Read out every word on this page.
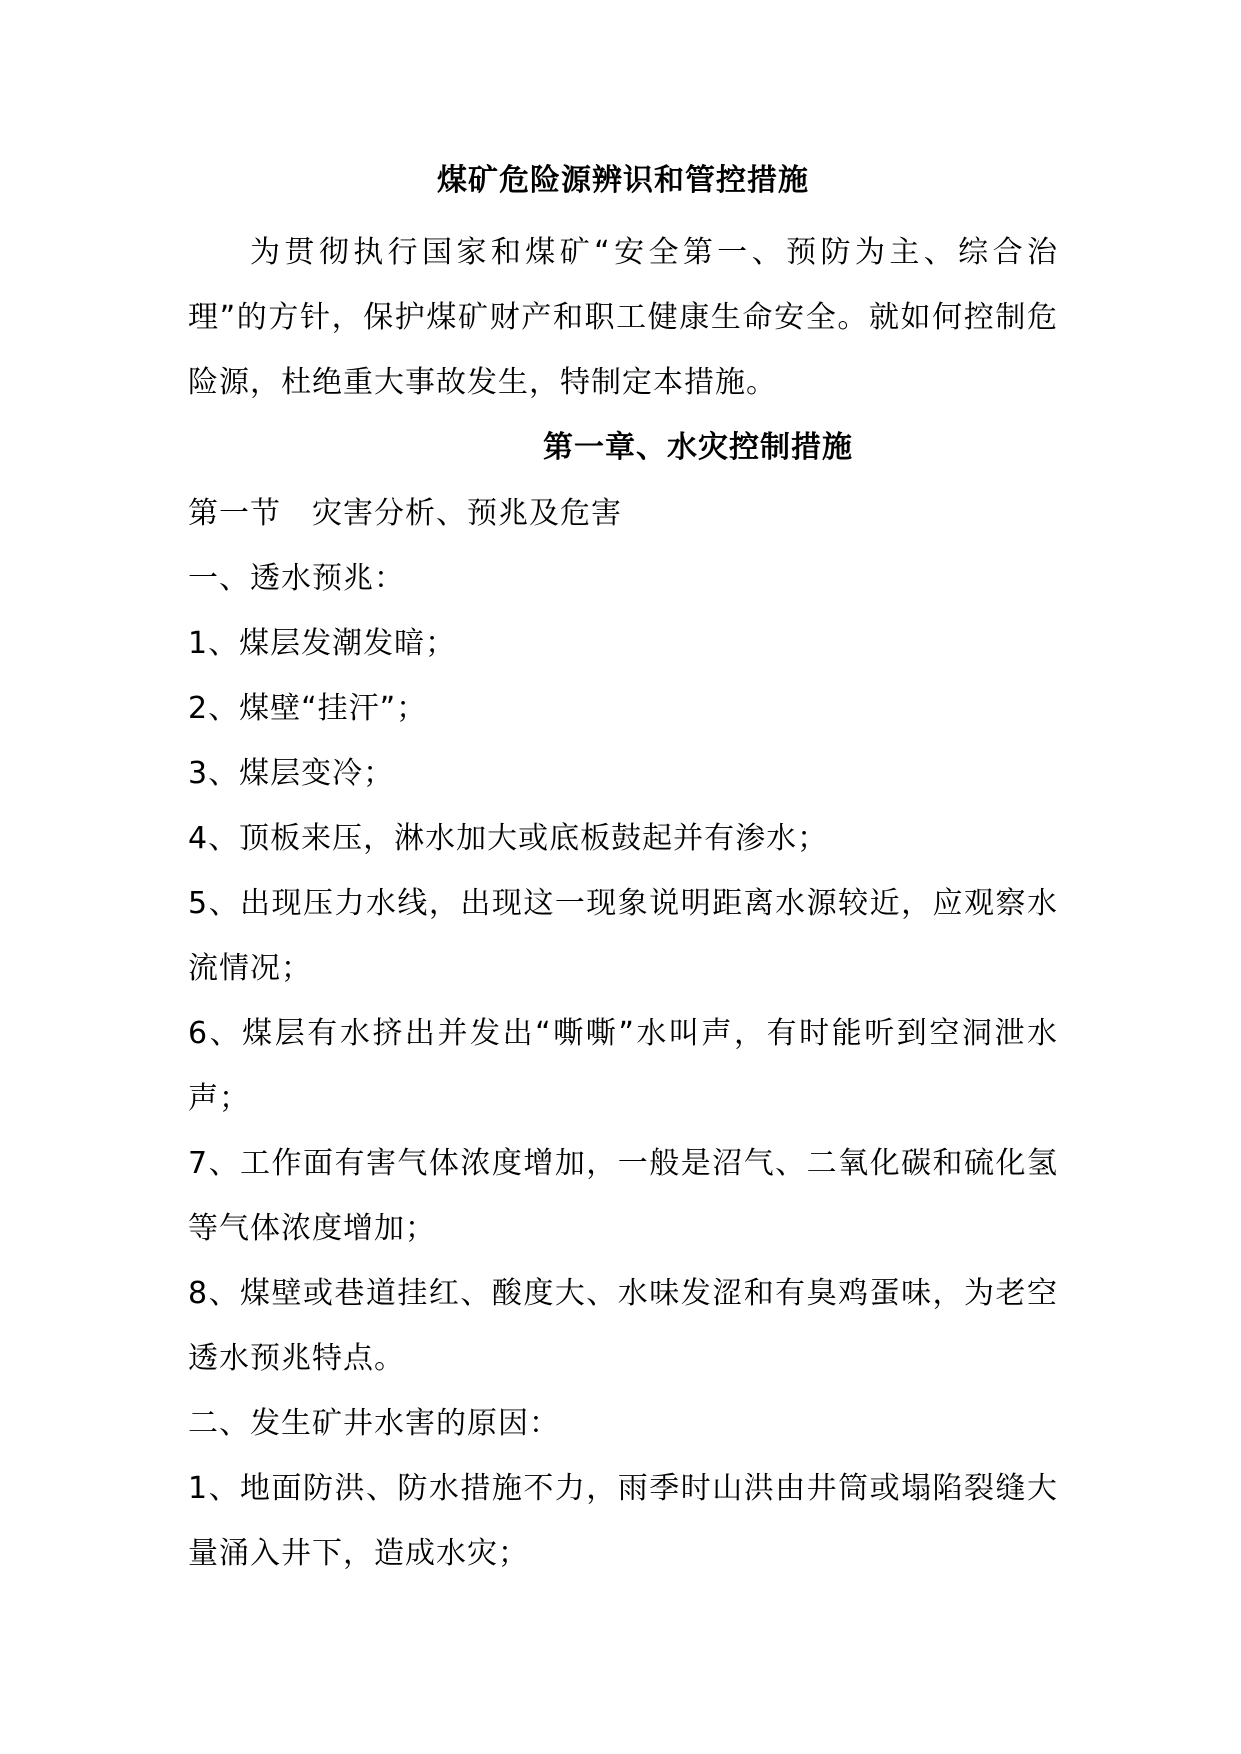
煤矿危险源辨识和管控措施

为贯彻执行国家和煤矿“安全第一、预防为主、综合治理”的方针，保护煤矿财产和职工健康生命安全。就如何控制危险源，杜绝重大事故发生，特制定本措施。

第一章、水灾控制措施

第一节　灾害分析、预兆及危害

一、透水预兆：

1、煤层发潮发暗；

2、煤壁“挂汗”；

3、煤层变冷；

4、顶板来压，淋水加大或底板鼓起并有渗水；

5、出现压力水线，出现这一现象说明距离水源较近，应观察水流情况；

6、煤层有水挤出并发出“嘶嘶”水叫声，有时能听到空洞泄水声；

7、工作面有害气体浓度增加，一般是沼气、二氧化碳和硫化氢等气体浓度增加；

8、煤壁或巷道挂红、酸度大、水味发涩和有臭鸡蛋味，为老空透水预兆特点。

二、发生矿井水害的原因：

1、地面防洪、防水措施不力，雨季时山洪由井筒或塌陷裂缝大量涌入井下，造成水灾；
